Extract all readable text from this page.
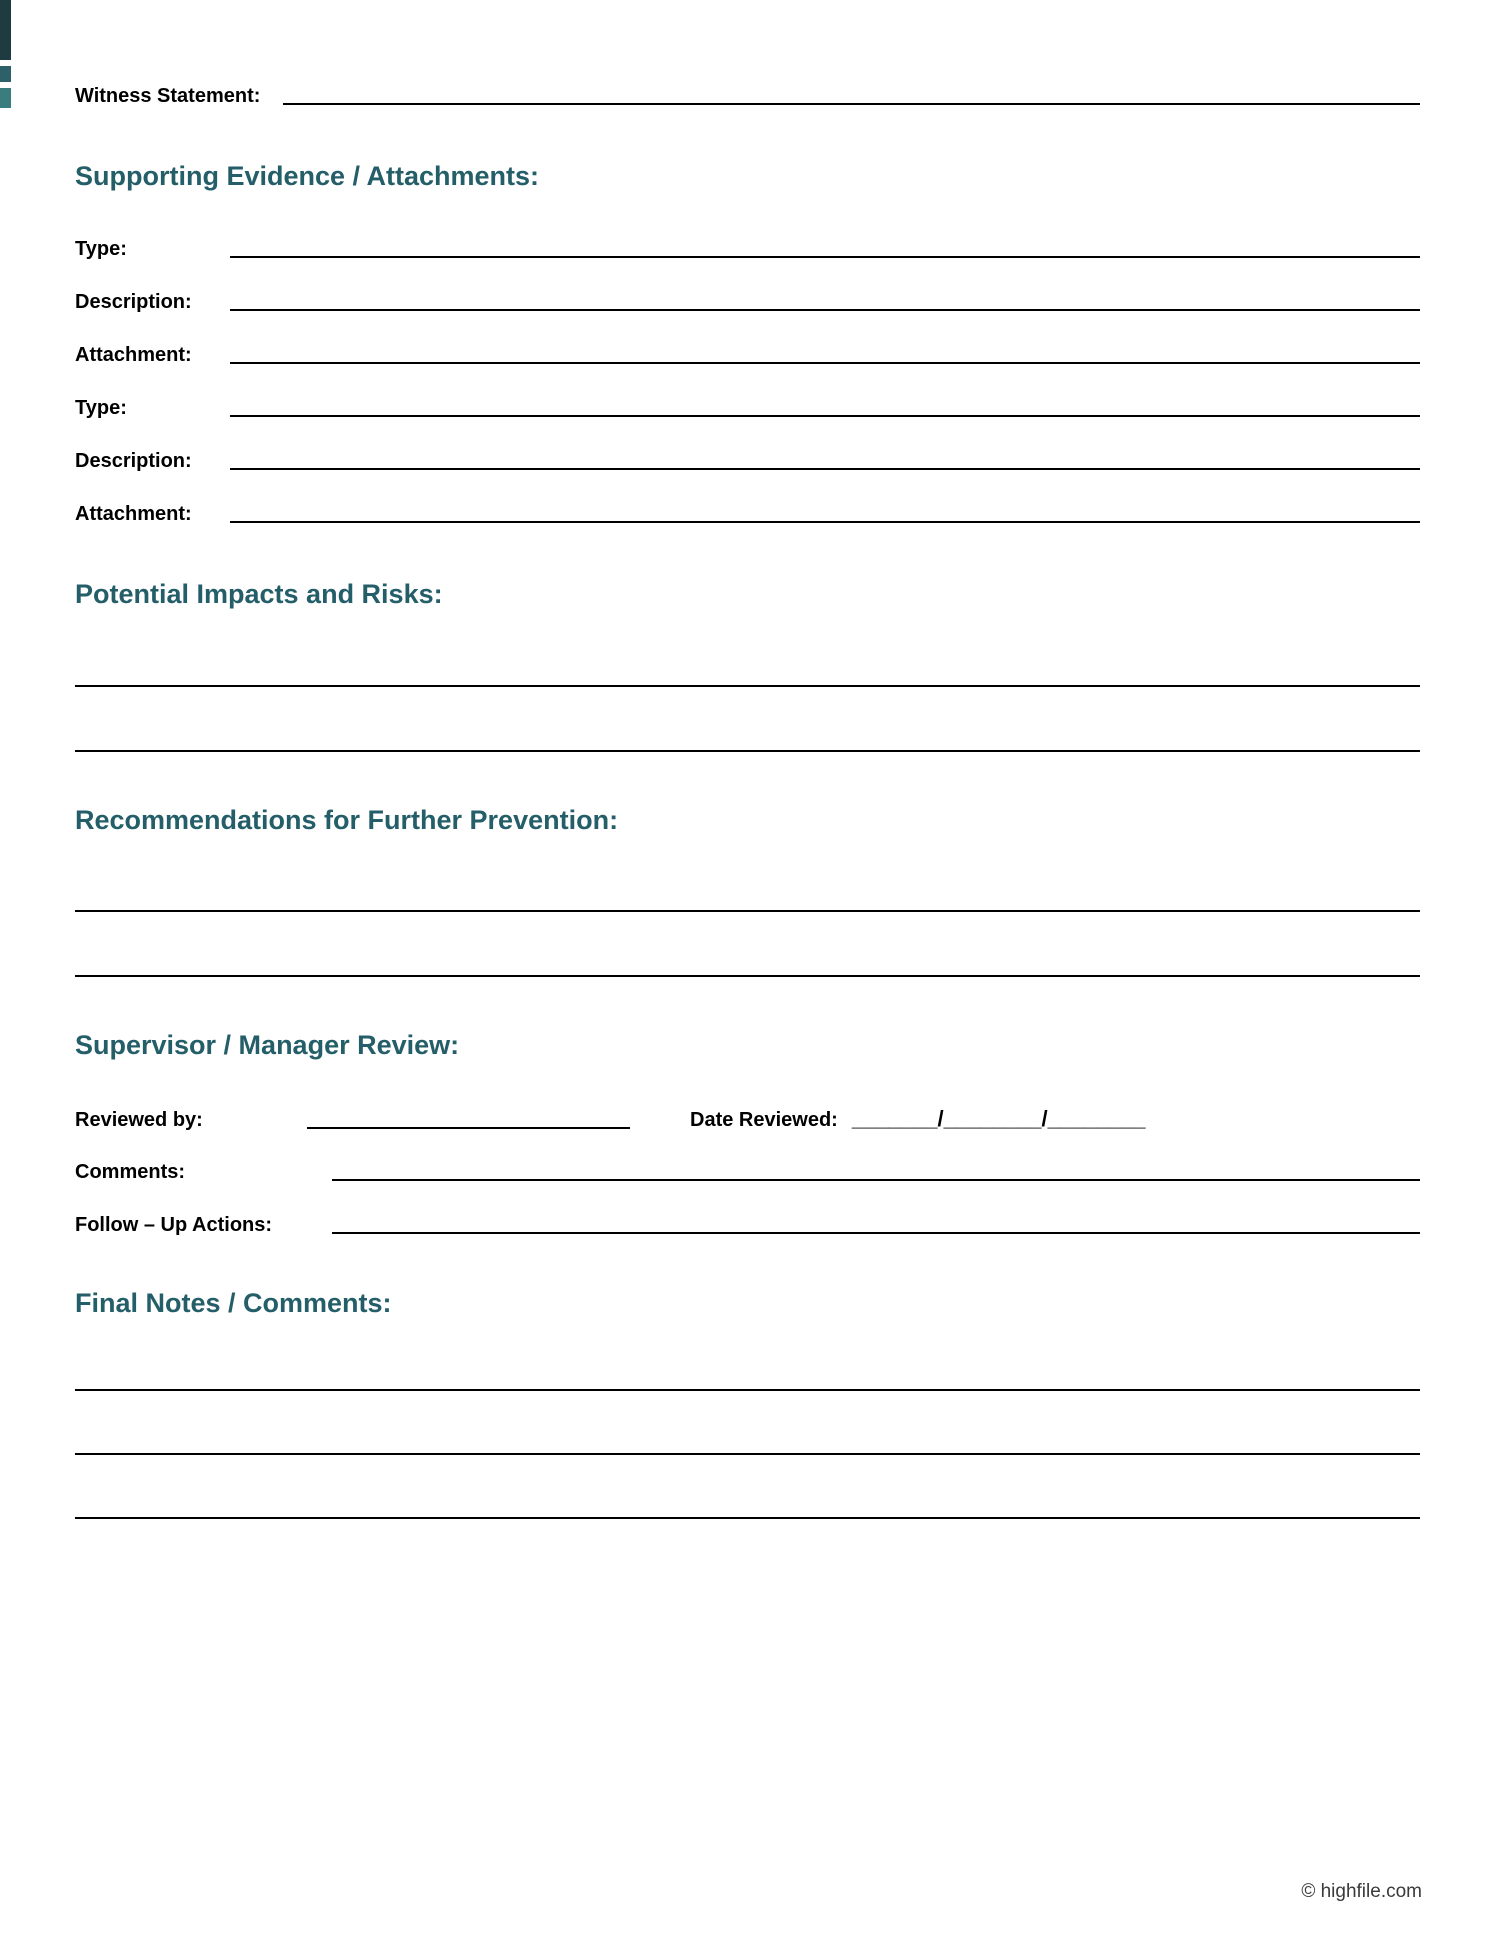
Witness Statement:
Supporting Evidence / Attachments:
Type:
Description:
Attachment:
Type:
Description:
Attachment:
Potential Impacts and Risks:
Recommendations for Further Prevention:
Supervisor / Manager Review:
Reviewed by:	Date Reviewed: _______/________/________
Comments:
Follow – Up Actions:
Final Notes / Comments:
© highfile.com
